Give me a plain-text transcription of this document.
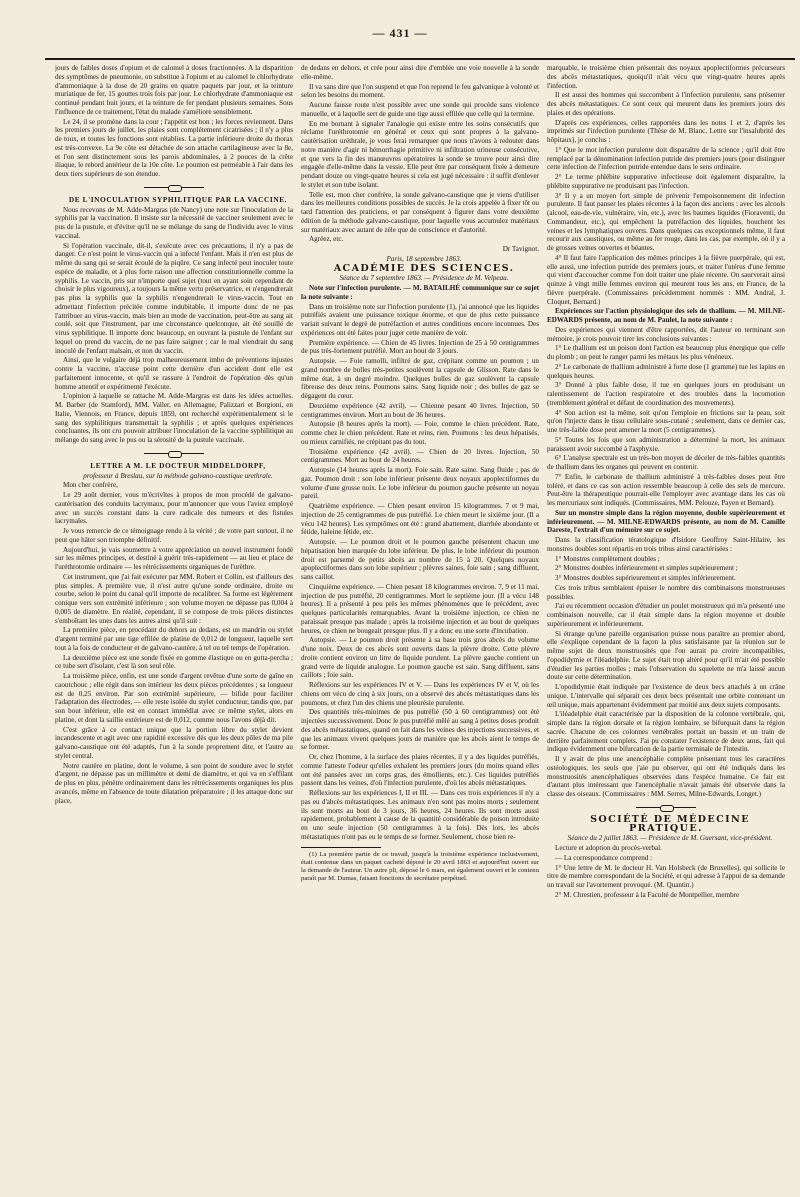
— 431 —

jours de faibles doses d'opium et de calomel à doses fractionnées. A la disparition des symptômes de pneumonie, on substitue à l'opium et au calomel le chlorhydrate d'ammoniaque à la dose de 20 grains en quatre paquets par jour, et la teinture muriatique de fer, 15 gouttes trois fois par jour. Le chlorhydrate d'ammoniaque est continué pendant huit jours, et la teinture de fer pendant plusieurs semaines. Sous l'influence de ce traitement, l'état du malade s'améliore sensiblement.

Le 24, il se promène dans la cour ; l'appétit est bon ; les forces reviennent. Dans les premiers jours de juillet, les plaies sont complétement cicatrisées ; il n'y a plus de toux, et toutes les fonctions sont rétablies. La partie inférieure droite du thorax est très-convexe. La 9e côte est détachée de son attache cartilagineuse avec la 8e, et l'on sent distinctement sous les parois abdominales, à 2 pouces de la crête iliaque, le rebord antérieur de la 10e côte. Le poumon est perméable à l'air dans les deux tiers supérieurs de son étendue.

DE L'INOCULATION SYPHILITIQUE PAR LA VACCINE.

Nous recevons de M. Adde-Margras (de Nancy) une note sur l'inoculation de la syphilis par la vaccination. Il insiste sur la nécessité de vacciner seulement avec le pus de la pustule, et d'éviter qu'il ne se mélange du sang de l'individu avec le virus vaccinal.

Si l'opération vaccinale, dit-il, s'exécute avec ces précautions, il n'y a pas de danger. Ce n'est point le virus-vaccin qui a infecté l'enfant. Mais il n'en est plus de même du sang qui se serait écoulé de la piqûre. Ce sang infecté peut inoculer toute espèce de maladie, et à plus forte raison une affection constitutionnelle comme la syphilis. Le vaccin, pris sur n'importe quel sujet (tout en ayant soin cependant de choisir le plus vigoureux), a toujours la même vertu préservatrice, et n'engendrerait pas plus la syphilis que la syphilis n'engendrerait le virus-vaccin. Tout en admettant l'infection précitée comme indubitable, il importe donc de ne pas l'attribuer au virus-vaccin, mais bien au mode de vaccination, peut-être au sang ait coulé, soit que l'instrument, par une circonstance quelconque, ait été souillé de virus syphilitique. Il importe donc beaucoup, en ouvrant la pustule de l'enfant sur lequel on prend du vaccin, de ne pas faire saigner ; car le mal viendrait du sang inoculé de l'enfant malsain, et non du vaccin.

Ainsi, que le vulgaire déjà trop malheureusement imbu de préventions injustes contre la vaccine, n'accuse point cette dernière d'un accident dont elle est parfaitement innocente, et qu'il se rassure à l'endroit de l'opération dès qu'un homme attentif et expérimenté l'exécute.

L'opinion à laquelle se rattache M. Adde-Margras est dans les idées actuelles. M. Barber (de Stamford), MM. Valler, en Allemagne, Palizzari et Borgioni, en Italie, Viennois, en France, depuis 1859, ont recherché expérimentalement si le sang des syphilitiques transmettait la syphilis ; et après quelques expériences concluantes, ils ont cru pouvoir attribuer l'inoculation de la vaccine syphilitique au mélange du sang avec le pus ou la sérosité de la pustule vaccinale.

LETTRE A M. LE DOCTEUR MIDDELDORPF,

professeur à Breslau, sur la méthode galvano-caustique urethrale.

Mon cher confrère,

Le 29 août dernier, vous m'écrivîtes à propos de mon procédé de galvano-cautérisation des conduits lacrymaux, pour m'annoncer que vous l'aviez employé avec un succès constant dans la cure radicale des tumeurs et des fistules lacrymales.

Je vous remercie de ce témoignage rendu à la vérité ; de votre part surtout, il ne peut que hâter son triomphe définitif.

Aujourd'hui, je vais soumettre à votre appréciation un nouvel instrument fondé sur les mêmes principes, et destiné à guérir très-rapidement — au lieu et place de l'uréthrotomie ordinaire — les rétrécissements organiques de l'urèthre.

Cet instrument, que j'ai fait exécuter par MM. Robert et Collin, est d'ailleurs des plus simples. A première vue, il n'est autre qu'une sonde ordinaire, droite ou courbe, selon le point du canal qu'il importe de recalibrer. Sa forme est légèrement conique vers son extrémité inférieure ; son volume moyen ne dépasse pas 0,004 à 0,005 de diamètre. En réalité, cependant, il se compose de trois pièces distinctes s'emboîtant les unes dans les autres ainsi qu'il suit :

La première pièce, en procédant du dehors au dedans, est un mandrin ou stylet d'argent terminé par une tige effilée de platine de 0,012 de longueur, laquelle sert tout à la fois de conducteur et de galvano-cautère, à tel ou tel temps de l'opération.

La deuxième pièce est une sonde fixée en gomme élastique ou en gutta-percha ; ce tube sert d'isolant, c'est là son seul rôle.

La troisième pièce, enfin, est une sonde d'argent revêtue d'une sorte de gaîne en caoutchouc ; elle régit dans son intérieur les deux pièces précédentes ; sa longueur est de 0,25 environ. Par son extrémité supérieure, — bifide pour faciliter l'adaptation des électrodes, — elle reste isolée du stylet conducteur, tandis que, par son bout inférieur, elle est en contact immédiat avec ce même stylet, alors en platine, et dont la saillie extérieure est de 0,012, comme nous l'avons déjà dit.

C'est grâce à ce contact unique que la portion libre du stylet devient incandescente et agit avec une rapidité excessive dès que les deux pôles de ma pile galvano-caustique ont été adaptés, l'un à la sonde proprement dite, et l'autre au stylet central.

Notre cautère en platine, dont le volume, à son point de soudure avec le stylet d'argent, ne dépasse pas un millimètre et demi de diamètre, et qui va en s'effilant de plus en plus, pénètre ordinairement dans les rétrécissements organiques les plus avancés, même en l'absence de toute dilatation préparatoire ; il les attaque donc sur place,

de dedans en dehors, et crée pour ainsi dire d'emblée une voie nouvelle à la sonde elle-même.

Il va sans dire que l'on suspend et que l'on reprend le feu galvanique à volonté et selon les besoins du moment.

Aucune fausse route n'est possible avec une sonde qui procède sans violence manuelle, et à laquelle sert de guide une tige aussi effilée que celle qui la termine.

En me bornant à signaler l'analogie qui existe entre les soins consécutifs que réclame l'uréthrotomie en général et ceux qui sont propres à la galvano-cautérisation uréthrale, je vous ferai remarquer que nous n'avons à redouter dans notre manière d'agir ni hémorrhagie primitive ni infiltration urineuse consécutive, et que vers la fin des manœuvres opératoires la sonde se trouve pour ainsi dire engagée d'elle-même dans la vessie. Elle peut être par conséquent fixée à demeure pendant douze ou vingt-quatre heures si cela est jugé nécessaire : il suffit d'enlever le stylet et son tube isolant.

Telle est, mon cher confrère, la sonde galvano-caustique que je viens d'utiliser dans les meilleures conditions possibles de succès. Je la crois appelée à fixer tôt ou tard l'attention des praticiens, et par conséquent à figurer dans votre deuxième édition de la méthode galvano-caustique, pour laquelle vous accumulez matériaux sur matériaux avec autant de zèle que de conscience et d'autorité.

Agréez, etc.

Dr Tavignot.

Paris, 18 septembre 1863.

ACADÉMIE DES SCIENCES.

Séance du 7 septembre 1863. — Présidence de M. Velpeau.

Note sur l'infection purulente. — M. BATAILHÉ communique sur ce sujet la note suivante :

Dans un troisième note sur l'infection purulente (1), j'ai annoncé que les liquides putréfiés avaient une puissance toxique énorme, et que de plus cette puissance variait suivant le degré de putréfaction et autres conditions encore inconnues. Des expériences ont été faites pour juger cette manière de voir.

Première expérience. — Chien de 45 livres. Injection de 25 à 50 centigrammes de pus très-fortement putréfié. Mort au bout de 3 jours.

Autopsie. — Foie ramolli, infiltré de gaz, crépitant comme un poumon ; un grand nombre de bulles très-petites soulèvent la capsule de Glisson. Rate dans le même état, à un degré moindre. Quelques bulles de gaz soulèvent la capsule fibreuse des deux reins. Poumons sains. Sang liquide noir ; des bulles de gaz se dégagent du cœur.

Deuxième expérience (42 avril). — Chienne pesant 40 livres. Injection, 50 centigrammes environ. Mort au bout de 36 heures.

Autopsie (8 heures après la mort). — Foie, comme le chien précédent. Rate, comme chez le chien précédent. Rate et reins, rien. Poumons : les deux hépatisés, ou mieux carnifiés, ne crépitant pas du tout.

Troisième expérience (42 avril). — Chien de 20 livres. Injection, 50 centigrammes. Mort au bout de 24 heures.

Autopsie (14 heures après la mort). Foie sain. Rate saine. Sang fluide ; pas de gaz. Poumon droit : son lobe inférieur présente deux noyaux apoplectiformes du volume d'une grosse noix. Le lobe inférieur du poumon gauche présente un noyau pareil.

Quatrième expérience. — Chien pesant environ 15 kilogrammes. 7 et 9 mai, injection de 25 centigrammes de pus putréfié. Le chien meurt le sixième jour. (Il a vécu 142 heures). Les symptômes ont été : grand abattement, diarrhée abondante et fétide, haleine fétide, etc.

Autopsie. — Le poumon droit et le poumon gauche présentent chacun une hépatisation bien marquée du lobe inférieur. De plus, le lobe inférieur du poumon droit est parsemé de petits abcès au nombre de 15 à 20. Quelques noyaux apoplectiformes dans son lobe supérieur ; plèvres saines, foie sain ; sang diffluent, sans caillot.

Cinquième expérience. — Chien pesant 18 kilogrammes environ. 7, 9 et 11 mai, injection de pus putréfié, 20 centigrammes. Mort le septième jour. (Il a vécu 148 heures). Il a présenté à peu près les mêmes phénomènes que le précédent, avec quelques particularités remarquables. Avant la troisième injection, ce chien ne paraissait presque pas malade ; après la troisième injection et au bout de quelques heures, ce chien ne bougeait presque plus. Il y a donc eu une sorte d'incubation.

Autopsie. — Le poumon droit présente à sa base trois gros abcès du volume d'une noix. Deux de ces abcès sont ouverts dans la plèvre droite. Cette plèvre droite contient environ un litre de liquide purulent. La plèvre gauche contient un grand verre de liquide analogue. Le poumon gauche est sain. Sang diffluent, sans caillots ; foie sain.

Réflexions sur les expériences IV et V. — Dans les expériences IV et V, où les chiens ont vécu de cinq à six jours, on a observé des abcès métastatiques dans les poumons, et chez l'un des chiens une pleurésie purulente.

Des quantités très-minimes de pus putréfié (50 à 60 centigrammes) ont été injectées successivement. Donc le pus putréfié mêlé au sang à petites doses produit des abcès métastatiques, quand on fait dans les veines des injections successives, et que les animaux vivent quelques jours de manière que les abcès aient le temps de se former.

Or, chez l'homme, à la surface des plaies récentes, il y a des liquides putréfiés, comme l'atteste l'odeur qu'elles exhalent les premiers jours (du moins quand elles ont été pansées avec un corps gras, des émollients, etc.). Ces liquides putréfiés passent dans les veines, d'où l'infection purulente, d'où les abcès métastatiques.

Réflexions sur les expériences I, II et III. — Dans ces trois expériences il n'y a pas eu d'abcès métastatiques. Les animaux n'en sont pas moins morts ; seulement ils sont morts au bout de 3 jours, 36 heures, 24 heures. Ils sont morts aussi rapidement, probablement à cause de la quantité considérable de poison introduite en une seule injection (50 centigrammes à la fois). Dès lors, les abcès métastatiques n'ont pas eu le temps de se former. Seulement, chose bien re-

(1) La première partie de ce travail, jusqu'à la troisième expérience inclusivement, était contenue dans un paquet cacheté déposé le 20 avril 1863 et aujourd'hui ouvert sur la demande de l'auteur. Un autre pli, déposé le 6 mars, est également ouvert et le contenu paraît par M. Dumas, faisant fonctions de secrétaire perpétuel.

marquable, le troisième chien présentait des noyaux apoplectiformes précurseurs des abcès métastatiques, quoiqu'il n'ait vécu que vingt-quatre heures après l'infection.

Il est aussi des hommes qui succombent à l'infection purulente, sans présenter des abcès métastatiques. Ce sont ceux qui meurent dans les premiers jours des plaies et des opérations.

D'après ces expériences, celles rapportées dans les notes 1 et 2, d'après les imprimés sur l'infection purulente (Thèse de M. Blanc, Lettre sur l'insalubrité des hôpitaux), je conclus :

1° Que le mot infection purulente doit disparaître de la science ; qu'il doit être remplacé par la dénomination infection putride des premiers jours (pour distinguer cette infection de l'infection putride entendue dans le sens ordinaire.

2° Le terme phlébite suppurative infectieuse doit également disparaître, la phlébite suppurative ne produisant pas l'infection.

3° Il y a un moyen fort simple de prévenir l'empoisonnement dit infection purulente. Il faut panser les plaies récentes à la façon des anciens : avec les alcools (alcool, eau-de-vie, vulnéraire, vin, etc.), avec les baumes liquides (Fioraventi, du Commandeur, etc.), qui empêchent la putréfaction des liquides, bouchent les veines et les lymphatiques ouverts. Dans quelques cas exceptionnels même, il faut recourir aux caustiques, ou même au fer rouge, dans les cas, par exemple, où il y a de grosses veines ouvertes et béantes.

4° Il faut faire l'application des mêmes principes à la fièvre puerpérale, qui est, elle aussi, une infection putride des premiers jours, et traiter l'utérus d'une femme qui vient d'accoucher comme l'on doit traiter une plaie récente. On saurverait ainsi quinze à vingt mille femmes environ qui meurent tous les ans, en France, de la fièvre puerpérale. (Commissaires précédemment nommés : MM. Andral, J. Cloquet, Bernard.)

Expériences sur l'action physiologique des sels de thallium. — M. MILNE-EDWARDS présente, au nom de M. Paulet, la note suivante :

Des expériences qui viennent d'être rapportées, dit l'auteur en terminant son mémoire, je crois pouvoir tirer les conclusions suivantes :

1° Le thallium est un poison dont l'action est beaucoup plus énergique que celle du plomb ; on peut le ranger parmi les métaux les plus vénéneux.

2° Le carbonate de thallium administré à forte dose (1 gramme) tue les lapins en quelques heures.

3° Donné à plus faible dose, il tue en quelques jours en produisant un ralentissement de l'action respiratoire et des troubles dans la locomotion (tremblement général et défaut de coordination des mouvements).

4° Son action est la même, soit qu'on l'emploie en frictions sur la peau, soit qu'on l'injecte dans le tissu cellulaire sous-cutané ; seulement, dans ce dernier cas, une très-faible dose peut amener la mort (5 centigrammes).

5° Toutes les fois que son administration a déterminé la mort, les animaux paraissent avoir succombé à l'asphyxie.

6° L'analyse spectrale est un très-bon moyen de déceler de très-faibles quantités de thallium dans les organes qui peuvent en contenir.

7° Enfin, le carbonate de thallium administré à très-faibles doses peut être toléré, et dans ce cas son action ressemble beaucoup à celle des sels de mercure. Peut-être la thérapeutique pourrait-elle l'employer avec avantage dans les cas où les mercuriaux sont indiqués. (Commissaires, MM. Pelouze, Payen et Bernard).

Sur un monstre simple dans la région moyenne, double supérieurement et inférieurement. — M. MILNE-EDWARDS présente, au nom de M. Camille Dareste, l'extrait d'un mémoire sur ce sujet.

Dans la classification tératologique d'Isidore Geoffroy Saint-Hilaire, les monstres doubles sont répartis en trois tribus ainsi caractérisées :

1° Monstres complètement doubles ;

2° Monstres doubles inférieurement et simples supérieurement ;

3° Monstres doubles supérieurement et simples inférieurement.

Ces trois tribus semblaient épuiser le nombre des combinaisons monstrueuses possibles.

J'ai eu récemment occasion d'étudier un poulet monstrueux qui m'a présenté une combinaison nouvelle, car il était simple dans la région moyenne et double supérieurement et inférieurement.

Si étrange qu'une pareille organisation puisse nous paraître au premier abord, elle s'explique cependant de la façon la plus satisfaisante par la réunion sur le même sujet de deux monstruosités que l'on aurait pu croire incompatibles, l'opodidymie et l'iléadelphie. Le sujet était trop altéré pour qu'il m'ait été possible d'étudier les parties molles ; mais l'observation du squelette ne m'a laissé aucun doute sur cette détermination.

L'opodidymie était indiquée par l'existence de deux becs attachés à un crâne unique. L'intervalle qui séparait ces deux becs présentait une orbite contenant un œil unique, mais appartenant évidemment par moitié aux deux sujets composants.

L'iléadelphie était caractérisée par la disposition de la colonne vertébrale, qui, simple dans la région dorsale et la région lombaire, se bifurquait dans la région sacrée. Chacune de ces colonnes vertébrales portait un bassin et un train de derrière parfaitement complets. J'ai pu constater l'existence de deux anus, fait qui indique évidemment une bifurcation de la partie terminale de l'intestin.

Il y avait de plus une anencéphalie complète présentant tous les caractères ostéologiques, les seuls que j'aie pu observer, qui ont été indiqués dans les monstruosités anencéphaliques observées dans l'espèce humaine. Ce fait est d'autant plus intéressant que l'anencéphalie n'avait jamais été observée dans la classe des oiseaux. (Commissaires : MM. Serres, Milne-Edwards, Longet.)

SOCIÉTÉ DE MÉDECINE PRATIQUE.

Séance du 2 juillet 1863. — Présidence de M. Guersant, vice-président.

Lecture et adoption du procès-verbal.

— La correspondance comprend :

1° Une lettre de M. le docteur H. Van Holsbeck (de Bruxelles), qui sollicite le titre de membre correspondant de la Société, et qui adresse à l'appui de sa demande un travail sur l'avortement provoqué. (M. Quantin.)

2° M. Chrestien, professeur à la Faculté de Montpellier, membre
